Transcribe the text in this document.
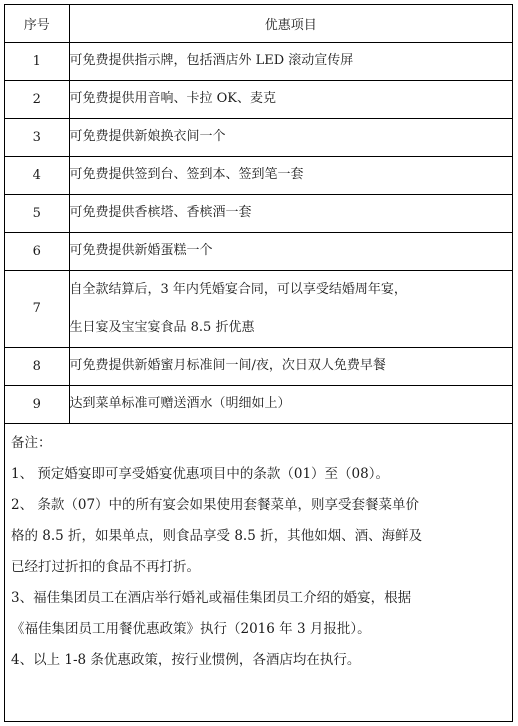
序号	优惠项目
1	可免费提供指示牌，包括酒店外 LED 滚动宣传屏
2	可免费提供用音响、卡拉 OK、麦克
3	可免费提供新娘换衣间一个
4	可免费提供签到台、签到本、签到笔一套
5	可免费提供香槟塔、香槟酒一套
6	可免费提供新婚蛋糕一个
7	自全款结算后，3 年内凭婚宴合同，可以享受结婚周年宴，
生日宴及宝宝宴食品 8.5 折优惠

8	可免费提供新婚蜜月标准间一间/夜，次日双人免费早餐
9	达到菜单标准可赠送酒水（明细如上）
备注：
1、 预定婚宴即可享受婚宴优惠项目中的条款（01）至（08）。
2、 条款（07）中的所有宴会如果使用套餐菜单，则享受套餐菜单价
格的 8.5 折，如果单点，则食品享受 8.5 折，其他如烟、酒、海鲜及
已经打过折扣的食品不再打折。
3、福佳集团员工在酒店举行婚礼或福佳集团员工介绍的婚宴，根据
《福佳集团员工用餐优惠政策》执行（2016 年 3 月报批）。
4、以上 1-8 条优惠政策，按行业惯例，各酒店均在执行。
